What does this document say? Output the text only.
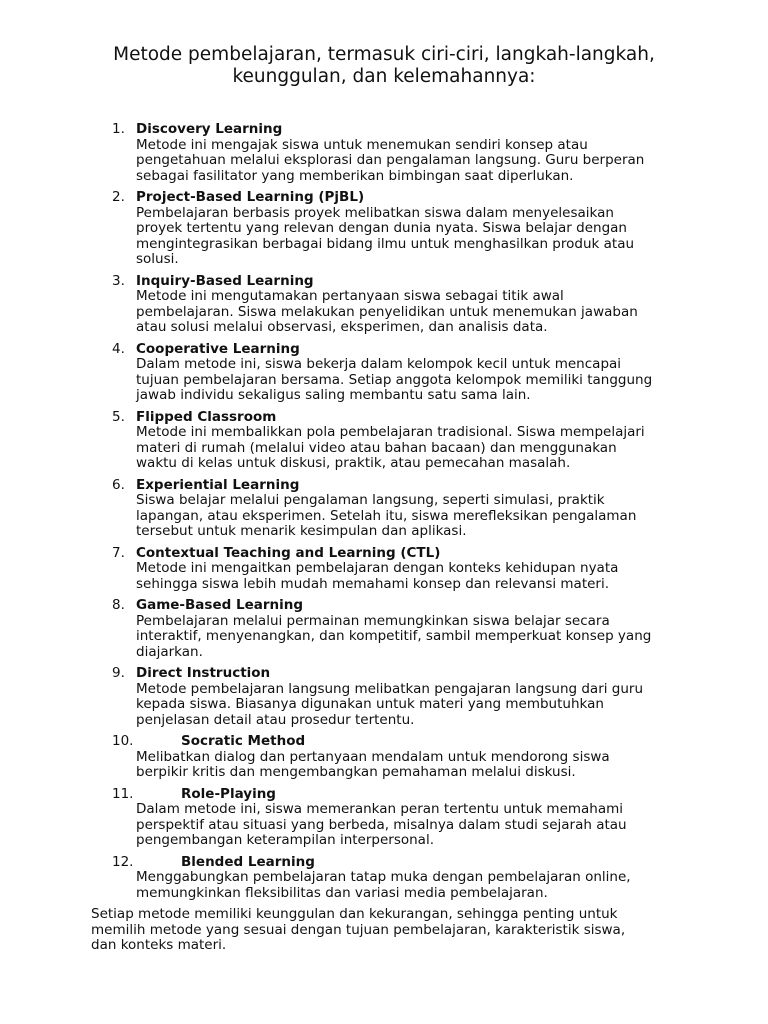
Metode pembelajaran, termasuk ciri-ciri, langkah-langkah,
keunggulan, dan kelemahannya:
1. Discovery Learning
Metode ini mengajak siswa untuk menemukan sendiri konsep atau
pengetahuan melalui eksplorasi dan pengalaman langsung. Guru berperan
sebagai fasilitator yang memberikan bimbingan saat diperlukan.
2. Project-Based Learning (PjBL)
Pembelajaran berbasis proyek melibatkan siswa dalam menyelesaikan
proyek tertentu yang relevan dengan dunia nyata. Siswa belajar dengan
mengintegrasikan berbagai bidang ilmu untuk menghasilkan produk atau
solusi.
3. Inquiry-Based Learning
Metode ini mengutamakan pertanyaan siswa sebagai titik awal
pembelajaran. Siswa melakukan penyelidikan untuk menemukan jawaban
atau solusi melalui observasi, eksperimen, dan analisis data.
4. Cooperative Learning
Dalam metode ini, siswa bekerja dalam kelompok kecil untuk mencapai
tujuan pembelajaran bersama. Setiap anggota kelompok memiliki tanggung
jawab individu sekaligus saling membantu satu sama lain.
5. Flipped Classroom
Metode ini membalikkan pola pembelajaran tradisional. Siswa mempelajari
materi di rumah (melalui video atau bahan bacaan) dan menggunakan
waktu di kelas untuk diskusi, praktik, atau pemecahan masalah.
6. Experiential Learning
Siswa belajar melalui pengalaman langsung, seperti simulasi, praktik
lapangan, atau eksperimen. Setelah itu, siswa merefleksikan pengalaman
tersebut untuk menarik kesimpulan dan aplikasi.
7. Contextual Teaching and Learning (CTL)
Metode ini mengaitkan pembelajaran dengan konteks kehidupan nyata
sehingga siswa lebih mudah memahami konsep dan relevansi materi.
8. Game-Based Learning
Pembelajaran melalui permainan memungkinkan siswa belajar secara
interaktif, menyenangkan, dan kompetitif, sambil memperkuat konsep yang
diajarkan.
9. Direct Instruction
Metode pembelajaran langsung melibatkan pengajaran langsung dari guru
kepada siswa. Biasanya digunakan untuk materi yang membutuhkan
penjelasan detail atau prosedur tertentu.
10.	Socratic Method
Melibatkan dialog dan pertanyaan mendalam untuk mendorong siswa
berpikir kritis dan mengembangkan pemahaman melalui diskusi.
11.	Role-Playing
Dalam metode ini, siswa memerankan peran tertentu untuk memahami
perspektif atau situasi yang berbeda, misalnya dalam studi sejarah atau
pengembangan keterampilan interpersonal.
12.	Blended Learning
Menggabungkan pembelajaran tatap muka dengan pembelajaran online,
memungkinkan fleksibilitas dan variasi media pembelajaran.
Setiap metode memiliki keunggulan dan kekurangan, sehingga penting untuk
memilih metode yang sesuai dengan tujuan pembelajaran, karakteristik siswa,
dan konteks materi.
